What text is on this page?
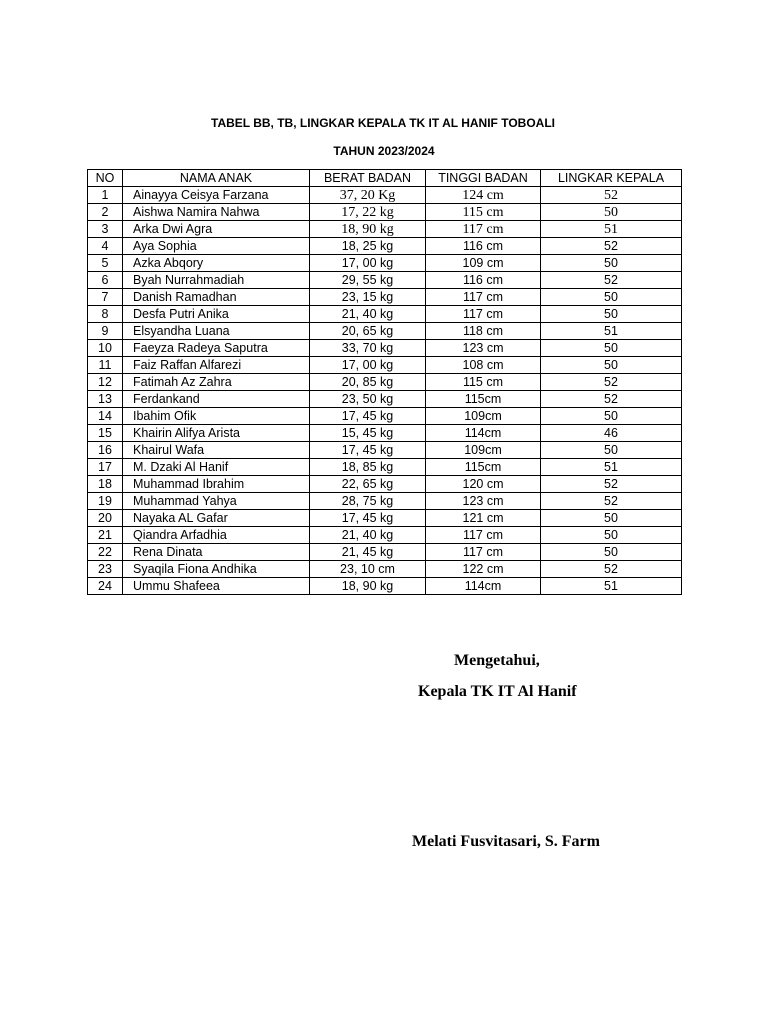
TABEL BB, TB, LINGKAR KEPALA TK IT AL HANIF TOBOALI
TAHUN 2023/2024
NO	NAMA ANAK	BERAT BADAN	TINGGI BADAN	LINGKAR KEPALA
1	Ainayya Ceisya Farzana	37, 20 Kg	124 cm	52
2	Aishwa Namira Nahwa	17, 22 kg	115 cm	50
3	Arka Dwi Agra	18, 90 kg	117 cm	51
4	Aya Sophia	18, 25 kg	116 cm	52
5	Azka Abqory	17, 00 kg	109 cm	50
6	Byah Nurrahmadiah	29, 55 kg	116 cm	52
7	Danish Ramadhan	23, 15 kg	117 cm	50
8	Desfa Putri Anika	21, 40 kg	117 cm	50
9	Elsyandha Luana	20, 65 kg	118 cm	51
10	Faeyza Radeya Saputra	33, 70 kg	123 cm	50
11	Faiz Raffan Alfarezi	17, 00 kg	108 cm	50
12	Fatimah Az Zahra	20, 85 kg	115 cm	52
13	Ferdankand	23, 50 kg	115cm	52
14	Ibahim Ofik	17, 45 kg	109cm	50
15	Khairin Alifya Arista	15, 45 kg	114cm	46
16	Khairul Wafa	17, 45 kg	109cm	50
17	M. Dzaki Al Hanif	18, 85 kg	115cm	51
18	Muhammad Ibrahim	22, 65 kg	120 cm	52
19	Muhammad Yahya	28, 75 kg	123 cm	52
20	Nayaka AL Gafar	17, 45 kg	121 cm	50
21	Qiandra Arfadhia	21, 40 kg	117 cm	50
22	Rena Dinata	21, 45 kg	117 cm	50
23	Syaqila Fiona Andhika	23, 10 cm	122 cm	52
24	Ummu Shafeea	18, 90 kg	114cm	51
Mengetahui,
Kepala TK IT Al Hanif
Melati Fusvitasari, S. Farm
